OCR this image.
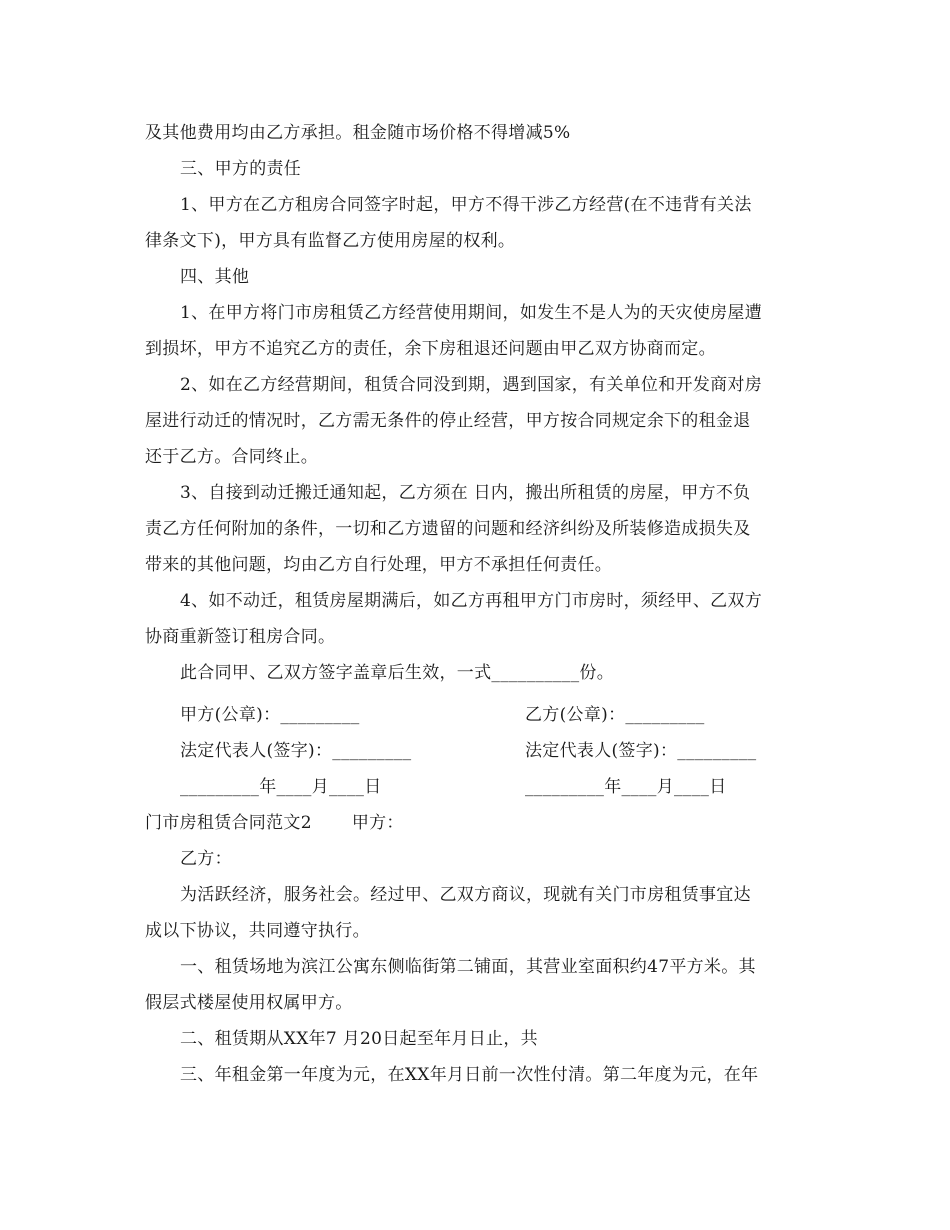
及其他费用均由乙方承担。租金随市场价格不得增减5%
三、甲方的责任
1、甲方在乙方租房合同签字时起，甲方不得干涉乙方经营(在不违背有关法
律条文下)，甲方具有监督乙方使用房屋的权利。
四、其他
1、在甲方将门市房租赁乙方经营使用期间，如发生不是人为的天灾使房屋遭
到损坏，甲方不追究乙方的责任，余下房租退还问题由甲乙双方协商而定。
2、如在乙方经营期间，租赁合同没到期，遇到国家，有关单位和开发商对房
屋进行动迁的情况时，乙方需无条件的停止经营，甲方按合同规定余下的租金退
还于乙方。合同终止。
3、自接到动迁搬迁通知起，乙方须在 日内，搬出所租赁的房屋，甲方不负
责乙方任何附加的条件，一切和乙方遗留的问题和经济纠纷及所装修造成损失及
带来的其他问题，均由乙方自行处理，甲方不承担任何责任。
4、如不动迁，租赁房屋期满后，如乙方再租甲方门市房时，须经甲、乙双方
协商重新签订租房合同。
此合同甲、乙双方签字盖章后生效，一式__________份。
甲方(公章)：_________	乙方(公章)：_________
法定代表人(签字)：_________	法定代表人(签字)：_________
_________年____月____日	_________年____月____日
门市房租赁合同范文2 甲方：
乙方：
为活跃经济，服务社会。经过甲、乙双方商议，现就有关门市房租赁事宜达
成以下协议，共同遵守执行。
一、租赁场地为滨江公寓东侧临街第二铺面，其营业室面积约47平方米。其
假层式楼屋使用权属甲方。
二、租赁期从XX年7 月20日起至年月日止，共
三、年租金第一年度为元，在XX年月日前一次性付清。第二年度为元，在年
